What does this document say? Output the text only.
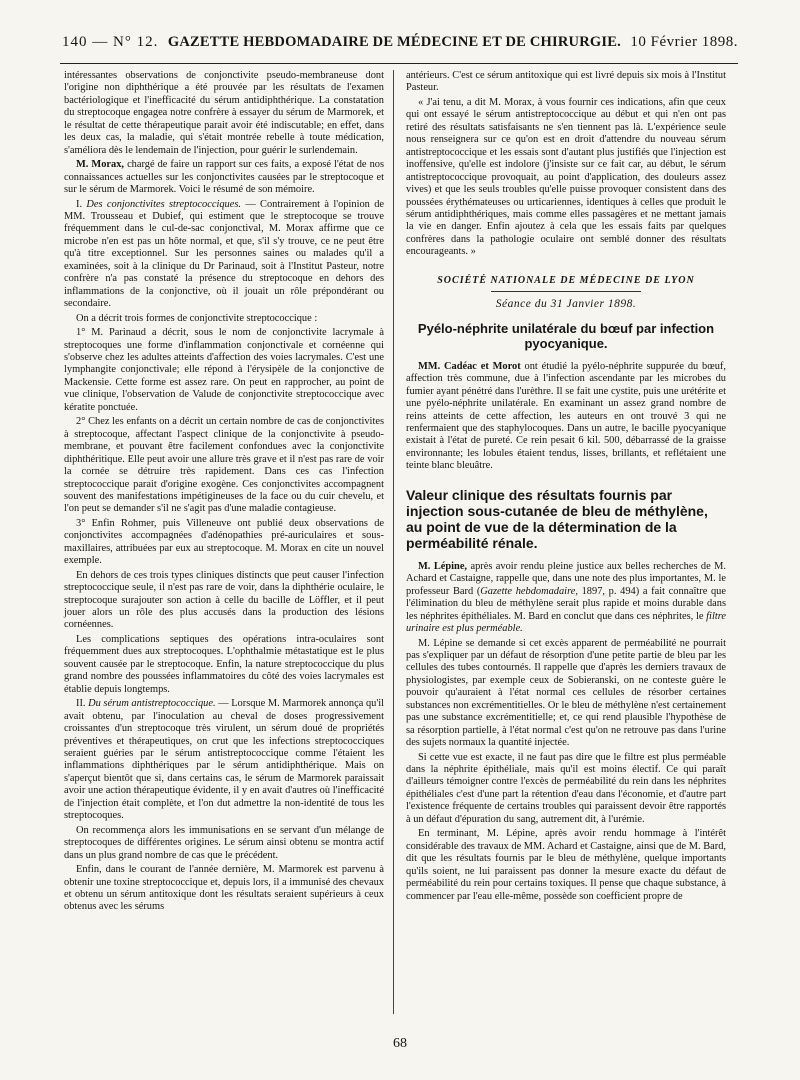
140 — N° 12. GAZETTE HEBDOMADAIRE DE MÉDECINE ET DE CHIRURGIE. 10 Février 1898.

intéressantes observations de conjonctivite pseudo-membraneuse dont l'origine non diphthérique a été prouvée par les résultats de l'examen bactériologique et l'inefficacité du sérum antidiphthérique. La constatation du streptocoque engagea notre confrère à essayer du sérum de Marmorek, et le résultat de cette thérapeutique parait avoir été indiscutable; en effet, dans les deux cas, la maladie, qui s'était montrée rebelle à toute médication, s'améliora dès le lendemain de l'injection, pour guérir le surlendemain.

M. Morax, chargé de faire un rapport sur ces faits, a exposé l'état de nos connaissances actuelles sur les conjonctivites causées par le streptocoque et sur le sérum de Marmorek. Voici le résumé de son mémoire.

I. Des conjonctivites streptococciques. — Contrairement à l'opinion de MM. Trousseau et Dubief, qui estiment que le streptocoque se trouve fréquemment dans le cul-de-sac conjonctival, M. Morax affirme que ce microbe n'en est pas un hôte normal, et que, s'il s'y trouve, ce ne peut être qu'à titre exceptionnel. Sur les personnes saines ou malades qu'il a examinées, soit à la clinique du Dr Parinaud, soit à l'Institut Pasteur, notre confrère n'a pas constaté la présence du streptocoque en dehors des inflammations de la conjonctive, où il jouait un rôle prépondérant ou secondaire.

On a décrit trois formes de conjonctivite streptococcique :

1° M. Parinaud a décrit, sous le nom de conjonctivite lacrymale à streptocoques une forme d'inflammation conjonctivale et cornéenne qui s'observe chez les adultes atteints d'affection des voies lacrymales. C'est une lymphangite conjonctivale; elle répond à l'érysipèle de la conjonctive de Mackensie. Cette forme est assez rare. On peut en rapprocher, au point de vue clinique, l'observation de Valude de conjonctivite streptococcique avec kératite ponctuée.

2° Chez les enfants on a décrit un certain nombre de cas de conjonctivites à streptocoque, affectant l'aspect clinique de la conjonctivite à pseudo-membrane, et pouvant être facilement confondues avec la conjonctivite diphthéritique. Elle peut avoir une allure très grave et il n'est pas rare de voir la cornée se détruire très rapidement. Dans ces cas l'infection streptococcique parait d'origine exogène. Ces conjonctivites accompagnent souvent des manifestations impétigineuses de la face ou du cuir chevelu, et l'on peut se demander s'il ne s'agit pas d'une maladie contagieuse.

3° Enfin Rohmer, puis Villeneuve ont publié deux observations de conjonctivites accompagnées d'adénopathies pré-auriculaires et sous-maxillaires, attribuées par eux au streptocoque. M. Morax en cite un nouvel exemple.

En dehors de ces trois types cliniques distincts que peut causer l'infection streptococcique seule, il n'est pas rare de voir, dans la diphthérie oculaire, le streptocoque surajouter son action à celle du bacille de Löffler, et il peut jouer alors un rôle des plus accusés dans la production des lésions cornéennes.

Les complications septiques des opérations intra-oculaires sont fréquemment dues aux streptocoques. L'ophthalmie métastatique est le plus souvent causée par le streptocoque. Enfin, la nature streptococcique du plus grand nombre des poussées inflammatoires du côté des voies lacrymales est établie depuis longtemps.

II. Du sérum antistreptococcique. — Lorsque M. Marmorek annonça qu'il avait obtenu, par l'inoculation au cheval de doses progressivement croissantes d'un streptocoque très virulent, un sérum doué de propriétés préventives et thérapeutiques, on crut que les infections streptococciques seraient guéries par le sérum antistreptococcique comme l'étaient les inflammations diphthériques par le sérum antidiphthérique. Mais on s'aperçut bientôt que si, dans certains cas, le sérum de Marmorek paraissait avoir une action thérapeutique évidente, il y en avait d'autres où l'inefficacité de l'injection était complète, et l'on dut admettre la non-identité de tous les streptocoques.

On recommença alors les immunisations en se servant d'un mélange de streptocoques de différentes origines. Le sérum ainsi obtenu se montra actif dans un plus grand nombre de cas que le précédent.

Enfin, dans le courant de l'année dernière, M. Marmorek est parvenu à obtenir une toxine streptococcique et, depuis lors, il a immunisé des chevaux et obtenu un sérum antitoxique dont les résultats seraient supérieurs à ceux obtenus avec les sérums

antérieurs. C'est ce sérum antitoxique qui est livré depuis six mois à l'Institut Pasteur.

« J'ai tenu, a dit M. Morax, à vous fournir ces indications, afin que ceux qui ont essayé le sérum antistreptococcique au début et qui n'en ont pas retiré des résultats satisfaisants ne s'en tiennent pas là. L'expérience seule nous renseignera sur ce qu'on est en droit d'attendre du nouveau sérum antistreptococcique et les essais sont d'autant plus justifiés que l'injection est inoffensive, qu'elle est indolore (j'insiste sur ce fait car, au début, le sérum antistreptococcique provoquait, au point d'application, des douleurs assez vives) et que les seuls troubles qu'elle puisse provoquer consistent dans des poussées érythémateuses ou urticariennes, identiques à celles que produit le sérum antidiphthériques, mais comme elles passagères et ne mettant jamais la vie en danger. Enfin ajoutez à cela que les essais faits par quelques confrères dans la pathologie oculaire ont semblé donner des résultats encourageants. »

SOCIÉTÉ NATIONALE DE MÉDECINE DE LYON
Séance du 31 Janvier 1898.
Pyélo-néphrite unilatérale du bœuf par infection pyocyanique.

MM. Cadéac et Morot ont étudié la pyélo-néphrite suppurée du bœuf, affection très commune, due à l'infection ascendante par les microbes du fumier ayant pénétré dans l'urèthre. Il se fait une cystite, puis une urétérite et une pyélo-néphrite unilatérale. En examinant un assez grand nombre de reins atteints de cette affection, les auteurs en ont trouvé 3 qui ne renfermaient que des staphylocoques. Dans un autre, le bacille pyocyanique existait à l'état de pureté. Ce rein pesait 6 kil. 500, débarrassé de la graisse environnante; les lobules étaient tendus, lisses, brillants, et reflétaient une teinte blanc bleuâtre.

Valeur clinique des résultats fournis par injection sous-cutanée de bleu de méthylène, au point de vue de la détermination de la perméabilité rénale.

M. Lépine, après avoir rendu pleine justice aux belles recherches de M. Achard et Castaigne, rappelle que, dans une note des plus importantes, M. le professeur Bard (Gazette hebdomadaire, 1897, p. 494) a fait connaître que l'élimination du bleu de méthylène serait plus rapide et moins durable dans les néphrites épithéliales. M. Bard en conclut que dans ces néphrites, le filtre urinaire est plus perméable.

M. Lépine se demande si cet excès apparent de perméabilité ne pourrait pas s'expliquer par un défaut de résorption d'une petite partie de bleu par les cellules des tubes contournés. Il rappelle que d'après les derniers travaux de physiologistes, par exemple ceux de Sobieranski, on ne conteste guère le pouvoir qu'auraient à l'état normal ces cellules de résorber certaines substances non excrémentitielles. Or le bleu de méthylène n'est certainement pas une substance excrémentitielle; et, ce qui rend plausible l'hypothèse de sa résorption partielle, à l'état normal c'est qu'on ne retrouve pas dans l'urine des sujets normaux la quantité injectée.

Si cette vue est exacte, il ne faut pas dire que le filtre est plus perméable dans la néphrite épithéliale, mais qu'il est moins électif. Ce qui paraît d'ailleurs témoigner contre l'excès de perméabilité du rein dans les néphrites épithéliales c'est d'une part la rétention d'eau dans l'économie, et d'autre part l'existence fréquente de certains troubles qui paraissent devoir être rapportés à un défaut d'épuration du sang, autrement dit, à l'urémie.

En terminant, M. Lépine, après avoir rendu hommage à l'intérêt considérable des travaux de MM. Achard et Castaigne, ainsi que de M. Bard, dit que les résultats fournis par le bleu de méthylène, quelque importants qu'ils soient, ne lui paraissent pas donner la mesure exacte du défaut de perméabilité du rein pour certains toxiques. Il pense que chaque substance, à commencer par l'eau elle-même, possède son coefficient propre de

68
